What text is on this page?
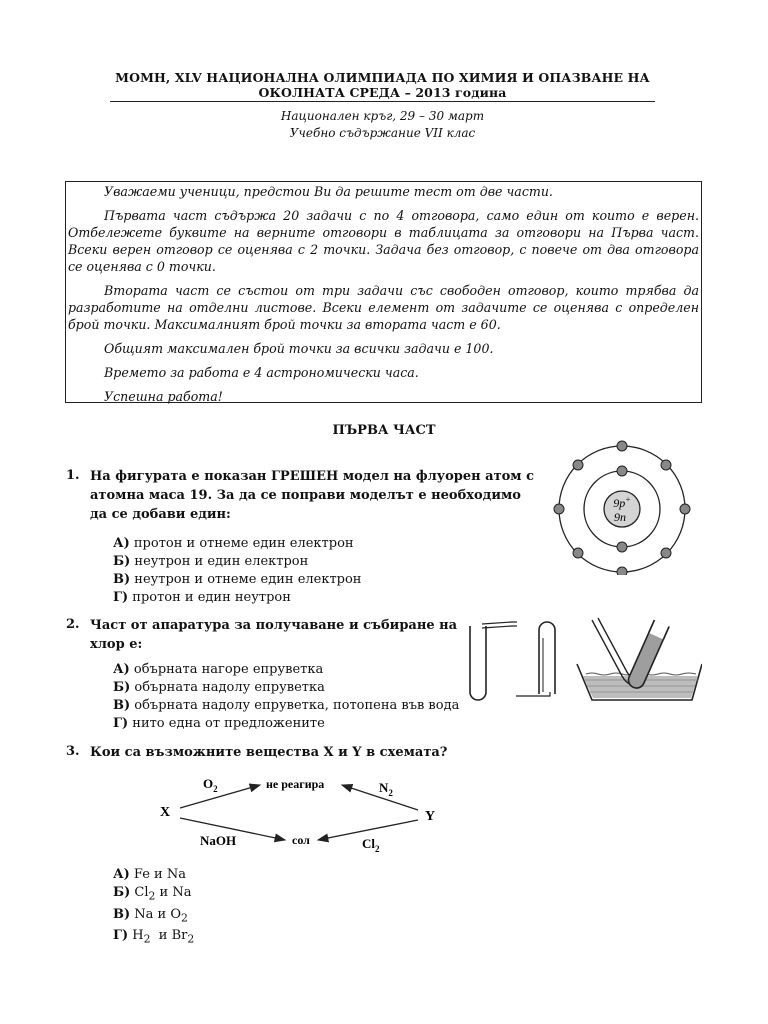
МОМН, XLV НАЦИОНАЛНА ОЛИМПИАДА ПО ХИМИЯ И ОПАЗВАНЕ НА
ОКОЛНАТА СРЕДА – 2013 година
Национален кръг, 29 – 30 март
Учебно съдържание VII клас

Уважаеми ученици, предстои Ви да решите тест от две части.

Първата част съдържа 20 задачи с по 4 отговора, само един от които е верен. Отбележете буквите на верните отговори в таблицата за отговори на Първа част. Всеки верен отговор се оценява с 2 точки. Задача без отговор, с повече от два отговора се оценява с 0 точки.

Втората част се състои от три задачи със свободен отговор, които трябва да разработите на отделни листове. Всеки елемент от задачите се оценява с определен брой точки. Максималният брой точки за втората част е 60.

Общият максимален брой точки за всички задачи е 100.

Времето за работа е 4 астрономически часа.

Успешна работа!

ПЪРВА ЧАСТ
1. На фигурата е показан ГРЕШЕН модел на флуорен атом с
атомна маса 19. За да се поправи моделът е необходимо
да се добави един:
А) протон и отнеме един електрон
Б) неутрон и един електрон
В) неутрон и отнеме един електрон
Г) протон и един неутрон
9p+
9n
2. Част от апаратура за получаване и събиране на
хлор е:
А) обърната нагоре епруветка
Б) обърната надолу епруветка
В) обърната надолу епруветка, потопена във вода
Г) нито една от предложените
3. Кои са възможните вещества X и Y в схемата?
X	Y
не реагира
сол
$O_2$	$N_2$
NaOH	$Cl_2$
А) Fe и Na
Б) $Cl_2$ и Na
В) Na и $O_2$
Г) $H_2$  и $Br_2$
